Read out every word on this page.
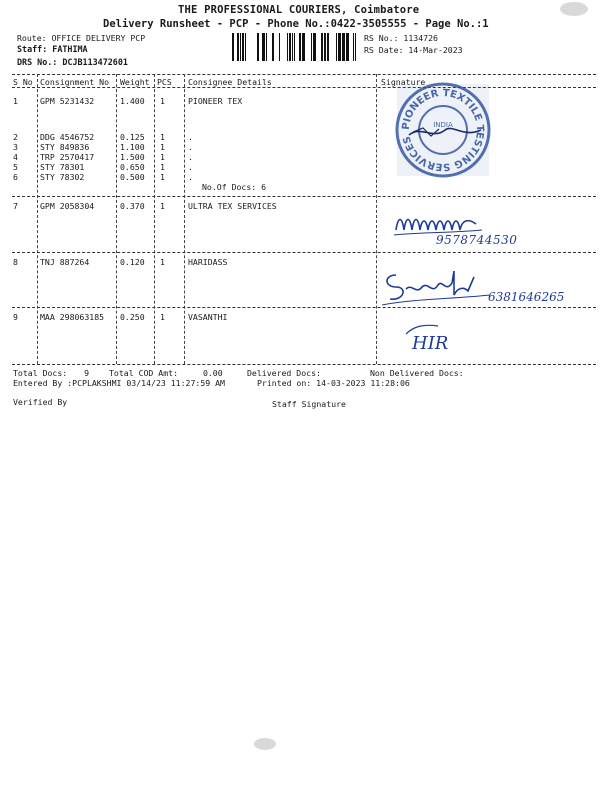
THE PROFESSIONAL COURIERS, Coimbatore
Delivery Runsheet - PCP - Phone No.:0422-3505555 - Page No.:1
Route: OFFICE DELIVERY PCP
Staff: FATHIMA
DRS No.: DCJB113472601
RS No.: 1134726
RS Date: 14-Mar-2023
S No Consignment No Weight PCS Consignee Details	Signature
1	GPM 5231432	1.400 1	PIONEER TEX
2	DDG 4546752	0.125 1	.
3	STY 849836	1.100 1	.
4	TRP 2570417	1.500 1	.
5	STY 78301	0.650 1	.
6	STY 78302	0.500 1	.
No.Of Docs: 6
7	GPM 2058304	0.370 1	ULTRA TEX SERVICES
8	TNJ 887264	0.120 1	HARIDASS
9	MAA 298063185 0.250 1	VASANTHI
PIONEER TEXTILE TESTING SERVICES
INDIA
9578744530
6381646265
HIR
Total Docs: 9 Total COD Amt:	0.00	Delivered Docs:	Non Delivered Docs:
Entered By :PCPLAKSHMI 03/14/23 11:27:59 AM	Printed on: 14-03-2023 11:28:06
Verified By	Staff Signature
